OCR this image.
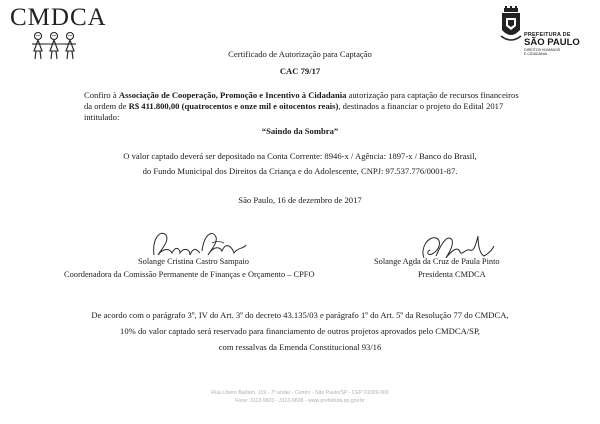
CMDCA
PREFEITURA DE
SÃO PAULO
DIREITOS HUMANOS
E CIDADANIA
Certificado de Autorização para Captação
CAC 79/17
Confiro à Associação de Cooperação, Promoção e Incentivo à Cidadania autorização para captação de recursos financeiros da ordem de R$ 411.800,00 (quatrocentos e onze mil e oitocentos reais), destinados a financiar o projeto do Edital 2017 intitulado:
“Saindo da Sombra”
O valor captado deverá ser depositado na Conta Corrente: 8946-x / Agência: 1897-x / Banco do Brasil,
do Fundo Municipal dos Direitos da Criança e do Adolescente, CNPJ: 97.537.776/0001-87.
São Paulo, 16 de dezembro de 2017
Solange Cristina Castro Sampaio
Coordenadora da Comissão Permanente de Finanças e Orçamento – CPFO
Solange Agda da Cruz de Paula Pinto
Presidenta CMDCA
De acordo com o parágrafo 3º, IV do Art. 3º do decreto 43.135/03 e parágrafo 1º do Art. 5º da Resolução 77 do CMDCA,
10% do valor captado será reservado para financiamento de outros projetos aprovados pelo CMDCA/SP,
com ressalvas da Emenda Constitucional 93/16
Rua Líbero Badaró, 119 - 7º andar - Centro - São Paulo/SP - CEP 01009-000
Fone: 3113-9601 - 3113-9608 - www.prefeitura.sp.gov.br
